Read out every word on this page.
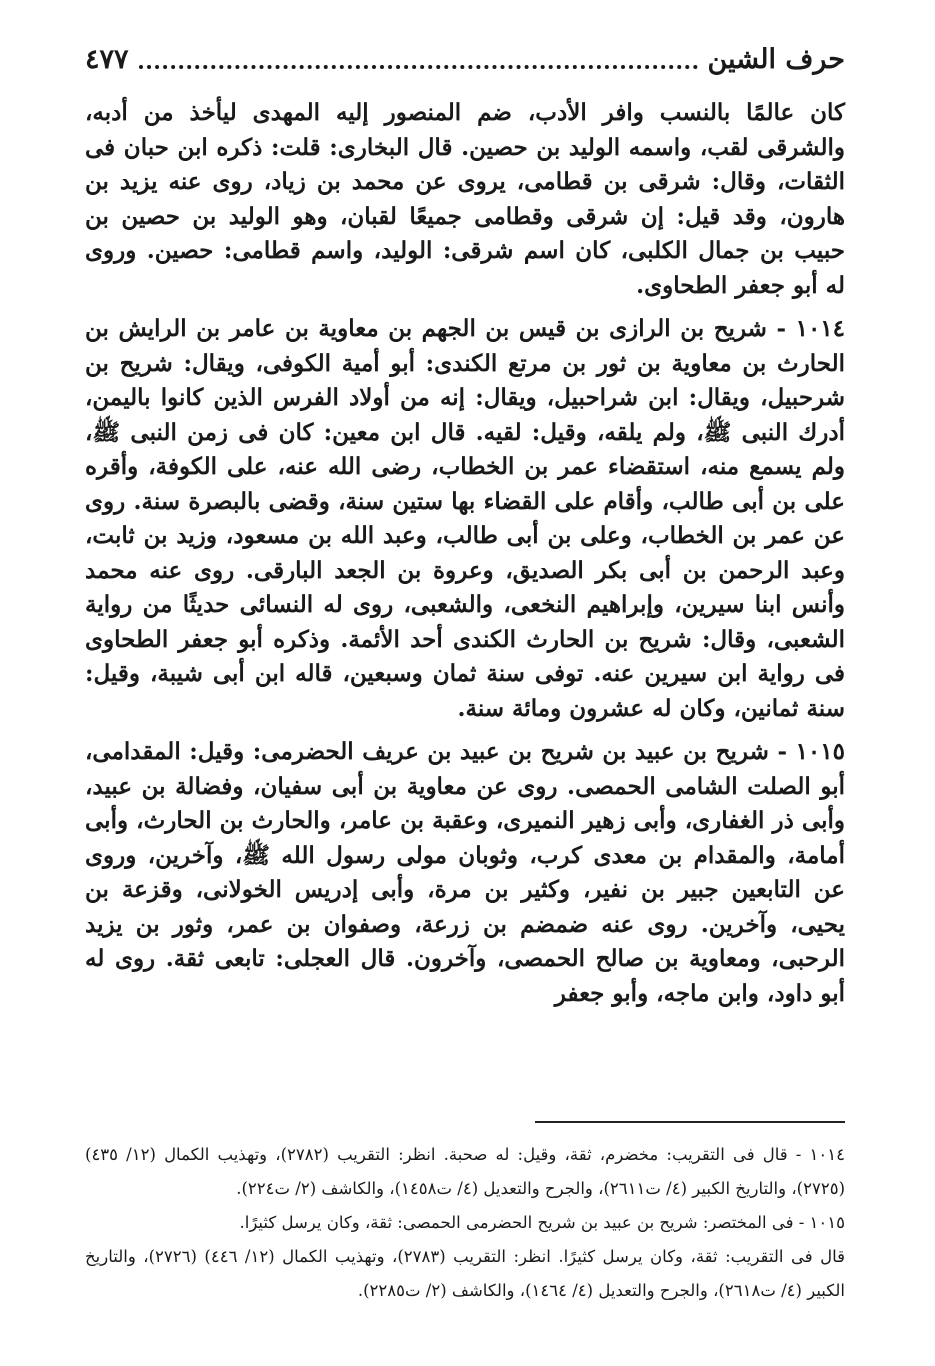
حرف الشين
٤٧٧

كان عالمًا بالنسب وافر الأدب، ضم المنصور إليه المهدى ليأخذ من أدبه، والشرقى لقب، واسمه الوليد بن حصين. قال البخارى: قلت: ذكره ابن حبان فى الثقات، وقال: شرقى بن قطامى، يروى عن محمد بن زياد، روى عنه يزيد بن هارون، وقد قيل: إن شرقى وقطامى جميعًا لقبان، وهو الوليد بن حصين بن حبيب بن جمال الكلبى، كان اسم شرقى: الوليد، واسم قطامى: حصين. وروى له أبو جعفر الطحاوى.

١٠١٤ - شريح بن الرازى بن قيس بن الجهم بن معاوية بن عامر بن الرايش بن الحارث بن معاوية بن ثور بن مرتع الكندى: أبو أمية الكوفى، ويقال: شريح بن شرحبيل، ويقال: ابن شراحبيل، ويقال: إنه من أولاد الفرس الذين كانوا باليمن، أدرك النبى ﷺ، ولم يلقه، وقيل: لقيه. قال ابن معين: كان فى زمن النبى ﷺ، ولم يسمع منه، استقضاء عمر بن الخطاب، رضى الله عنه، على الكوفة، وأقره على بن أبى طالب، وأقام على القضاء بها ستين سنة، وقضى بالبصرة سنة. روى عن عمر بن الخطاب، وعلى بن أبى طالب، وعبد الله بن مسعود، وزيد بن ثابت، وعبد الرحمن بن أبى بكر الصديق، وعروة بن الجعد البارقى. روى عنه محمد وأنس ابنا سيرين، وإبراهيم النخعى، والشعبى، روى له النسائى حديثًا من رواية الشعبى، وقال: شريح بن الحارث الكندى أحد الأئمة. وذكره أبو جعفر الطحاوى فى رواية ابن سيرين عنه. توفى سنة ثمان وسبعين، قاله ابن أبى شيبة، وقيل: سنة ثمانين، وكان له عشرون ومائة سنة.

١٠١٥ - شريح بن عبيد بن شريح بن عبيد بن عريف الحضرمى: وقيل: المقدامى، أبو الصلت الشامى الحمصى. روى عن معاوية بن أبى سفيان، وفضالة بن عبيد، وأبى ذر الغفارى، وأبى زهير النميرى، وعقبة بن عامر، والحارث بن الحارث، وأبى أمامة، والمقدام بن معدى كرب، وثوبان مولى رسول الله ﷺ، وآخرين، وروى عن التابعين جبير بن نفير، وكثير بن مرة، وأبى إدريس الخولانى، وقزعة بن يحيى، وآخرين. روى عنه ضمضم بن زرعة، وصفوان بن عمر، وثور بن يزيد الرحبى، ومعاوية بن صالح الحمصى، وآخرون. قال العجلى: تابعى ثقة. روى له أبو داود، وابن ماجه، وأبو جعفر

١٠١٤ - قال فى التقريب: مخضرم، ثقة، وقيل: له صحبة. انظر: التقريب (٢٧٨٢)، وتهذيب الكمال (١٢/ ٤٣٥) (٢٧٢٥)، والتاريخ الكبير (٤/ ت٢٦١١)، والجرح والتعديل (٤/ ت١٤٥٨)، والكاشف (٢/ ت٢٢٤).

١٠١٥ - فى المختصر: شريح بن عبيد بن شريح الحضرمى الحمصى: ثقة، وكان يرسل كثيرًا.

قال فى التقريب: ثقة، وكان يرسل كثيرًا. انظر: التقريب (٢٧٨٣)، وتهذيب الكمال (١٢/ ٤٤٦) (٢٧٢٦)، والتاريخ الكبير (٤/ ت٢٦١٨)، والجرح والتعديل (٤/ ١٤٦٤)، والكاشف (٢/ ت٢٢٨٥).
